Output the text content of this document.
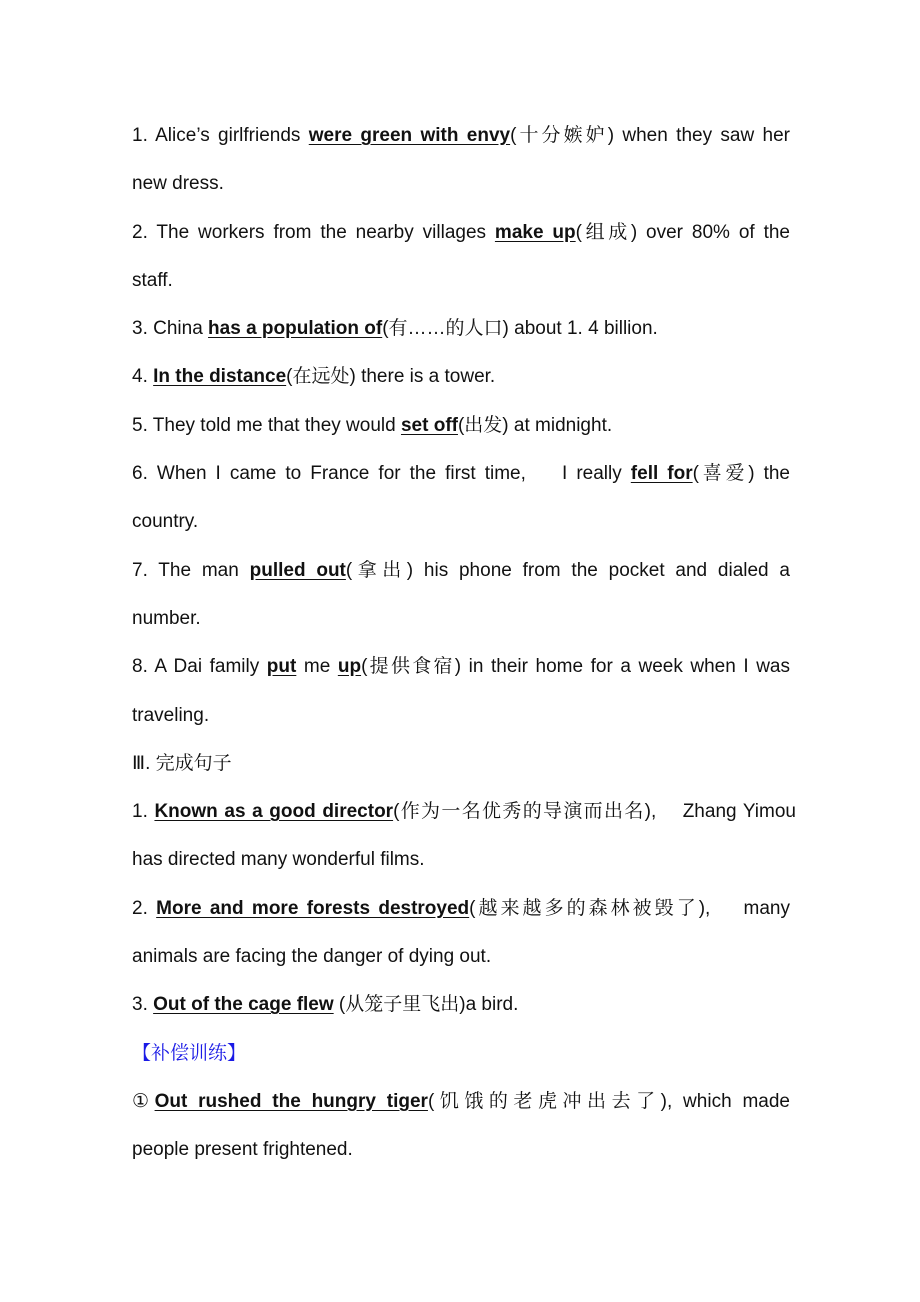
1. Alice’s girlfriends were green with envy(十分嫉妒) when they saw her
new dress.
2. The workers from the nearby villages make up(组成) over 80% of the
staff.
3. China has a population of(有……的人口) about 1. 4 billion.
4. In the distance(在远处) there is a tower.
5. They told me that they would set off(出发) at midnight.
6. When I came to France for the first time,    I really fell for(喜爱) the
country.
7. The man pulled out(拿出) his phone from the pocket and dialed a
number.
8. A Dai family put me up(提供食宿) in their home for a week when I was
traveling.
Ⅲ. 完成句子
1. Known as a good director(作为一名优秀的导演而出名),    Zhang Yimou
has directed many wonderful films.
2. More and more forests destroyed(越来越多的森林被毁了),    many
animals are facing the danger of dying out.
3. Out of the cage flew (从笼子里飞出)a bird.
【补偿训练】
①Out rushed the hungry tiger(饥饿的老虎冲出去了), which made
people present frightened.
